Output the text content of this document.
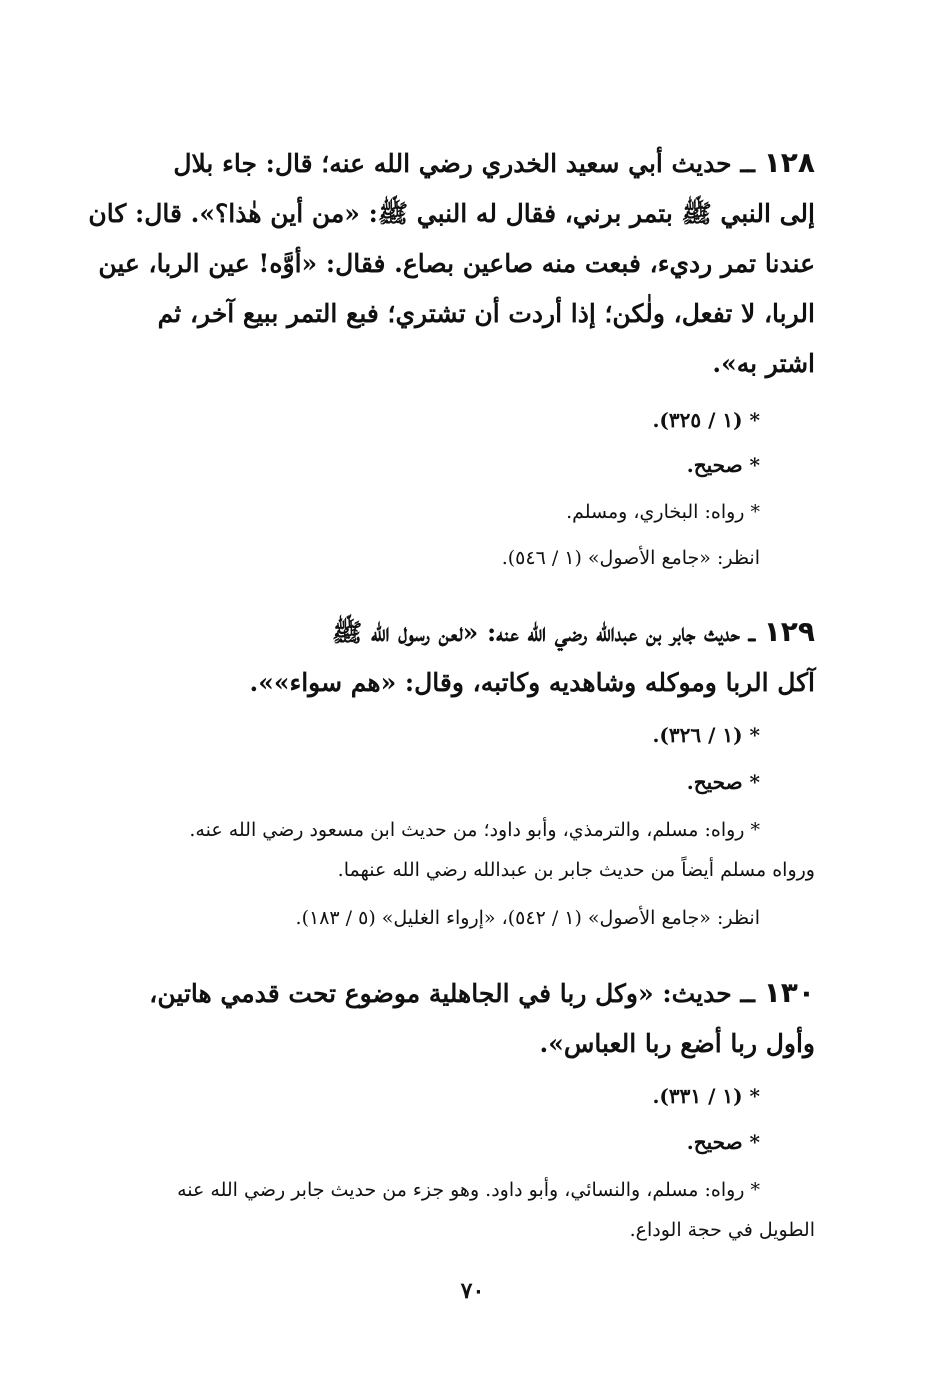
١٢٨ ــ حديث أبي سعيد الخدري رضي الله عنه؛ قال: جاء بلال
إلى النبي ﷺ بتمر برني، فقال له النبي ﷺ: «من أين هٰذا؟». قال: كان
عندنا تمر رديء، فبعت منه صاعين بصاع. فقال: «أوَّه! عين الربا، عين
الربا، لا تفعل، ولٰكن؛ إذا أردت أن تشتري؛ فبع التمر ببيع آخر، ثم
اشتر به».
* (١ / ٣٢٥).
* صحيح.
* رواه: البخاري، ومسلم.
انظر: «جامع الأصول» (١ / ٥٤٦).
١٢٩ ــ حديث جابر بن عبدالله رضي الله عنه: «لعن رسول الله ﷺ
آكل الربا وموكله وشاهديه وكاتبه، وقال: «هم سواء»».
* (١ / ٣٢٦).
* صحيح.
* رواه: مسلم، والترمذي، وأبو داود؛ من حديث ابن مسعود رضي الله عنه.
ورواه مسلم أيضاً من حديث جابر بن عبدالله رضي الله عنهما.
انظر: «جامع الأصول» (١ / ٥٤٢)، «إرواء الغليل» (٥ / ١٨٣).
١٣٠ ــ حديث: «وكل ربا في الجاهلية موضوع تحت قدمي هاتين،
وأول ربا أضع ربا العباس».
* (١ / ٣٣١).
* صحيح.
* رواه: مسلم، والنسائي، وأبو داود. وهو جزء من حديث جابر رضي الله عنه
الطويل في حجة الوداع.
٧٠
